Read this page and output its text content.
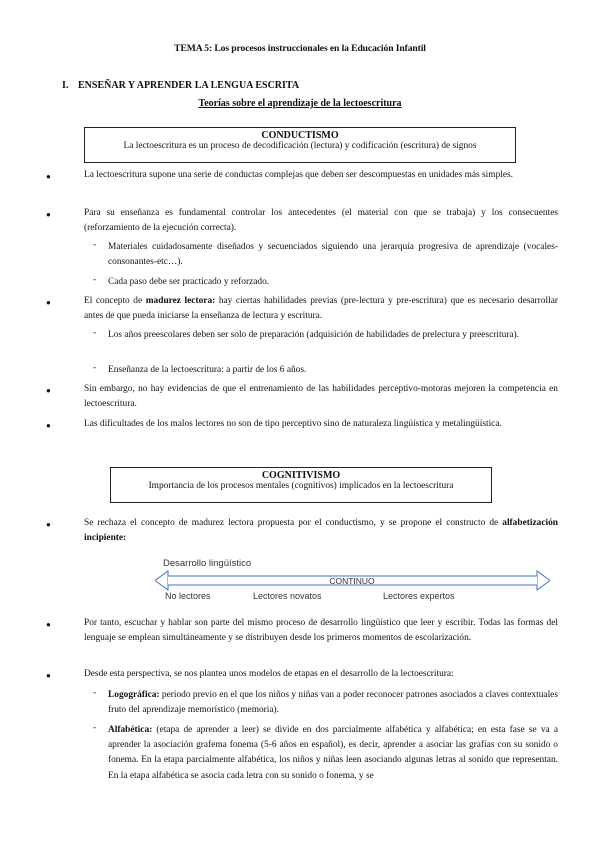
TEMA 5: Los procesos instruccionales en la Educación Infantil
I. ENSEÑAR Y APRENDER LA LENGUA ESCRITA
Teorías sobre el aprendizaje de la lectoescritura
CONDUCTISMO
La lectoescritura es un proceso de decodificación (lectura) y codificación (escritura) de signos
●	La lectoescritura supone una serie de conductas complejas que deben ser descompuestas en unidades más simples.
●	Para su enseñanza es fundamental controlar los antecedentes (el material con que se trabaja) y los consecuentes (reforzamiento de la ejecución correcta).
- Materiales cuidadosamente diseñados y secuenciados siguiendo una jerarquía progresiva de aprendizaje (vocales-consonantes-etc…).
- Cada paso debe ser practicado y reforzado.
●	El concepto de madurez lectora: hay ciertas habilidades previas (pre-lectura y pre-escritura) que es necesario desarrollar antes de que pueda iniciarse la enseñanza de lectura y escritura.
- Los años preescolares deben ser solo de preparación (adquisición de habilidades de prelectura y preescritura).
- Enseñanza de la lectoescritura: a partir de los 6 años.
●	Sin embargo, no hay evidencias de que el entrenamiento de las habilidades perceptivo-motoras mejoren la competencia en lectoescritura.
●	Las dificultades de los malos lectores no son de tipo perceptivo sino de naturaleza lingüística y metalingüística.
COGNITIVISMO
Importancia de los procesos mentales (cognitivos) implicados en la lectoescritura
●	Se rechaza el concepto de madurez lectora propuesta por el conductismo, y se propone el constructo de alfabetización incipiente:
Desarrollo lingüístico
CONTINUO
No lectores	Lectores novatos	Lectores expertos
●	Por tanto, escuchar y hablar son parte del mismo proceso de desarrollo lingüístico que leer y escribir. Todas las formas del lenguaje se emplean simultáneamente y se distribuyen desde los primeros momentos de escolarización.
●	Desde esta perspectiva, se nos plantea unos modelos de etapas en el desarrollo de la lectoescritura:
- Logográfica: periodo previo en el que los niños y niñas van a poder reconocer patrones asociados a claves contextuales fruto del aprendizaje memorístico (memoria).
- Alfabética: (etapa de aprender a leer) se divide en dos parcialmente alfabética y alfabética; en esta fase se va a aprender la asociación grafema fonema (5-6 años en español), es decir, aprender a asociar las grafías con su sonido o fonema. En la etapa parcialmente alfabética, los niños y niñas leen asociando algunas letras al sonido que representan. En la etapa alfabética se asocia cada letra con su sonido o fonema, y se
